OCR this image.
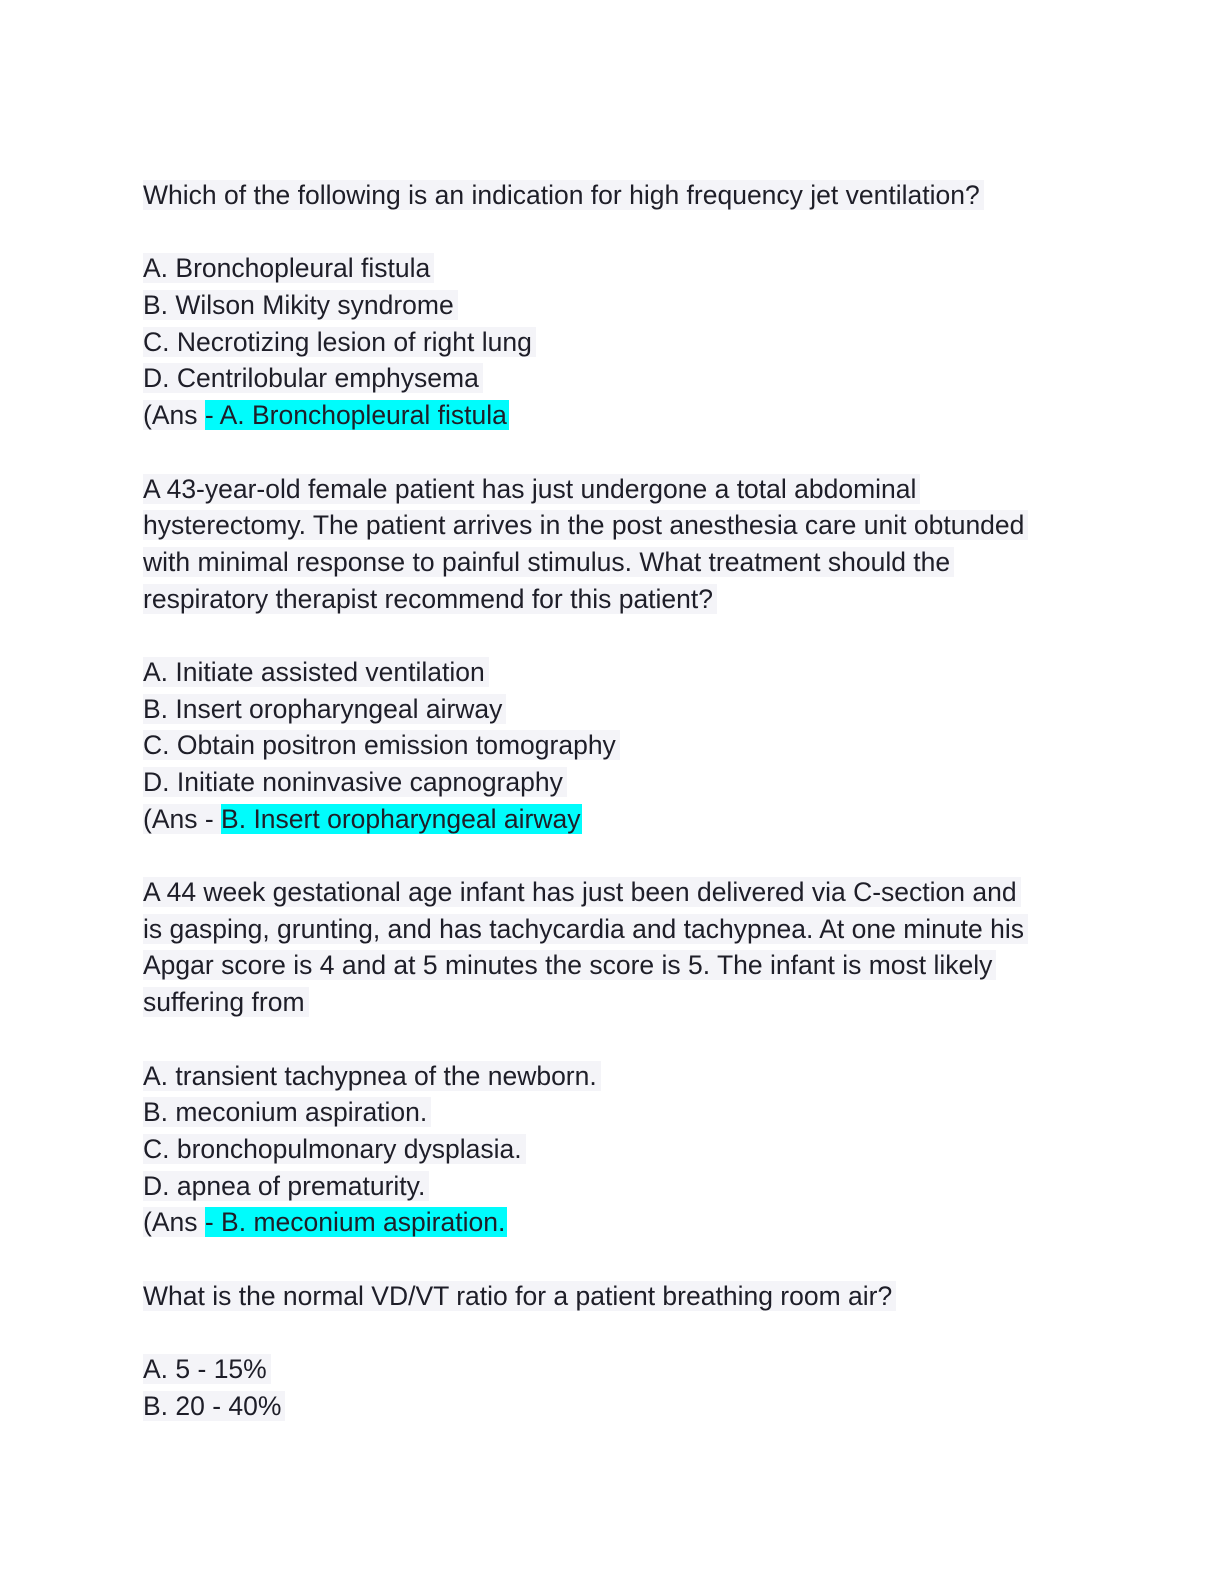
Which of the following is an indication for high frequency jet ventilation?
A. Bronchopleural fistula
B. Wilson Mikity syndrome
C. Necrotizing lesion of right lung
D. Centrilobular emphysema
(Ans - A. Bronchopleural fistula
A 43-year-old female patient has just undergone a total abdominal
hysterectomy. The patient arrives in the post anesthesia care unit obtunded
with minimal response to painful stimulus. What treatment should the
respiratory therapist recommend for this patient?
A. Initiate assisted ventilation
B. Insert oropharyngeal airway
C. Obtain positron emission tomography
D. Initiate noninvasive capnography
(Ans - B. Insert oropharyngeal airway
A 44 week gestational age infant has just been delivered via C-section and
is gasping, grunting, and has tachycardia and tachypnea. At one minute his
Apgar score is 4 and at 5 minutes the score is 5. The infant is most likely
suffering from
A. transient tachypnea of the newborn.
B. meconium aspiration.
C. bronchopulmonary dysplasia.
D. apnea of prematurity.
(Ans - B. meconium aspiration.
What is the normal VD/VT ratio for a patient breathing room air?
A. 5 - 15%
B. 20 - 40%
